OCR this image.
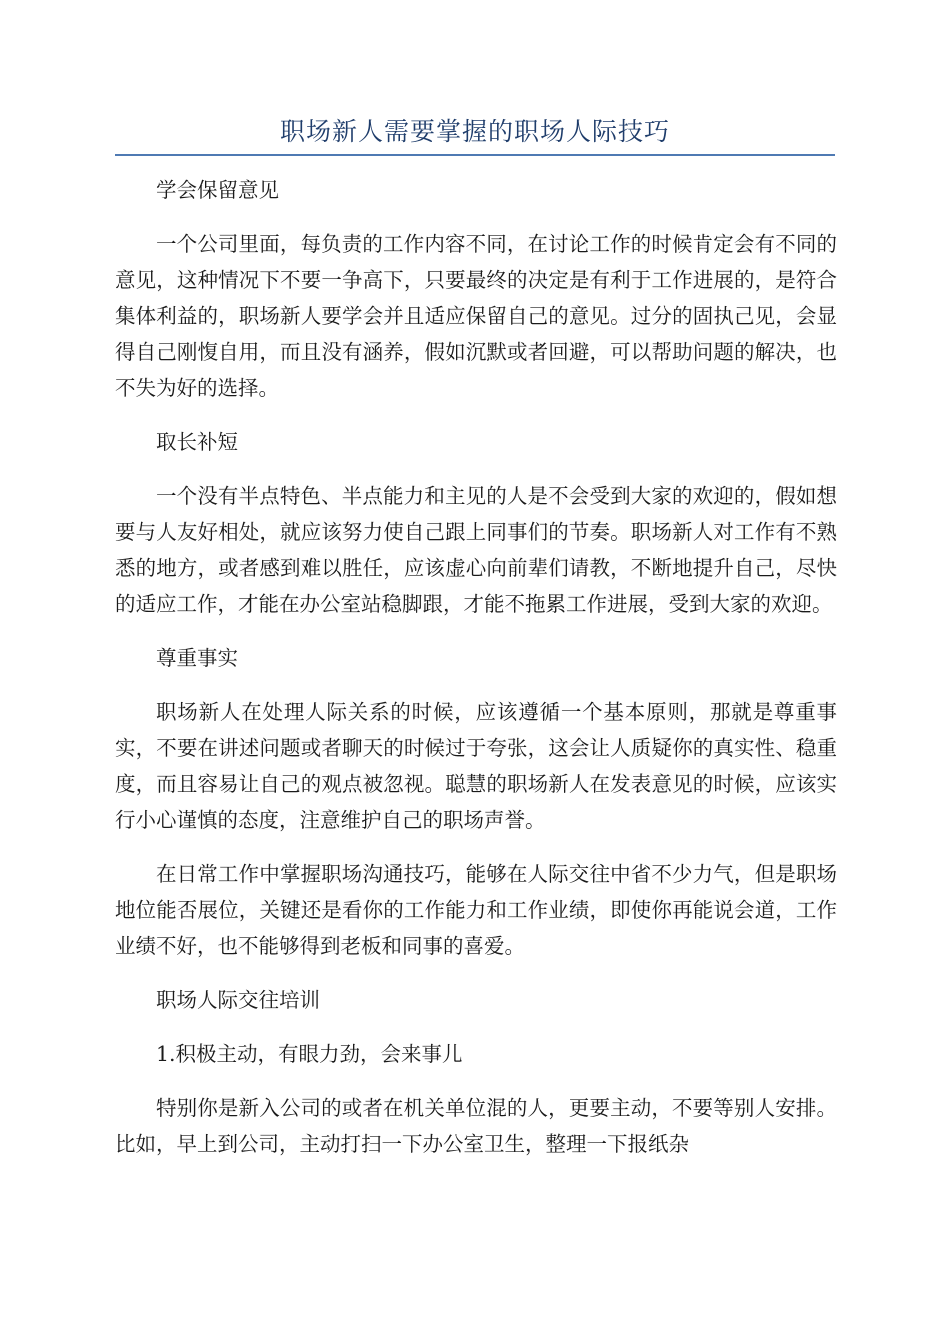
职场新人需要掌握的职场人际技巧

学会保留意见

一个公司里面，每负责的工作内容不同，在讨论工作的时候肯定会有不同的意见，这种情况下不要一争高下，只要最终的决定是有利于工作进展的，是符合集体利益的，职场新人要学会并且适应保留自己的意见。过分的固执己见，会显得自己刚愎自用，而且没有涵养，假如沉默或者回避，可以帮助问题的解决，也不失为好的选择。

取长补短

一个没有半点特色、半点能力和主见的人是不会受到大家的欢迎的，假如想要与人友好相处，就应该努力使自己跟上同事们的节奏。职场新人对工作有不熟悉的地方，或者感到难以胜任，应该虚心向前辈们请教，不断地提升自己，尽快的适应工作，才能在办公室站稳脚跟，才能不拖累工作进展，受到大家的欢迎。

尊重事实

职场新人在处理人际关系的时候，应该遵循一个基本原则，那就是尊重事实，不要在讲述问题或者聊天的时候过于夸张，这会让人质疑你的真实性、稳重度，而且容易让自己的观点被忽视。聪慧的职场新人在发表意见的时候，应该实行小心谨慎的态度，注意维护自己的职场声誉。

在日常工作中掌握职场沟通技巧，能够在人际交往中省不少力气，但是职场地位能否展位，关键还是看你的工作能力和工作业绩，即使你再能说会道，工作业绩不好，也不能够得到老板和同事的喜爱。

职场人际交往培训

1.积极主动，有眼力劲，会来事儿

特别你是新入公司的或者在机关单位混的人，更要主动，不要等别人安排。比如，早上到公司，主动打扫一下办公室卫生，整理一下报纸杂
